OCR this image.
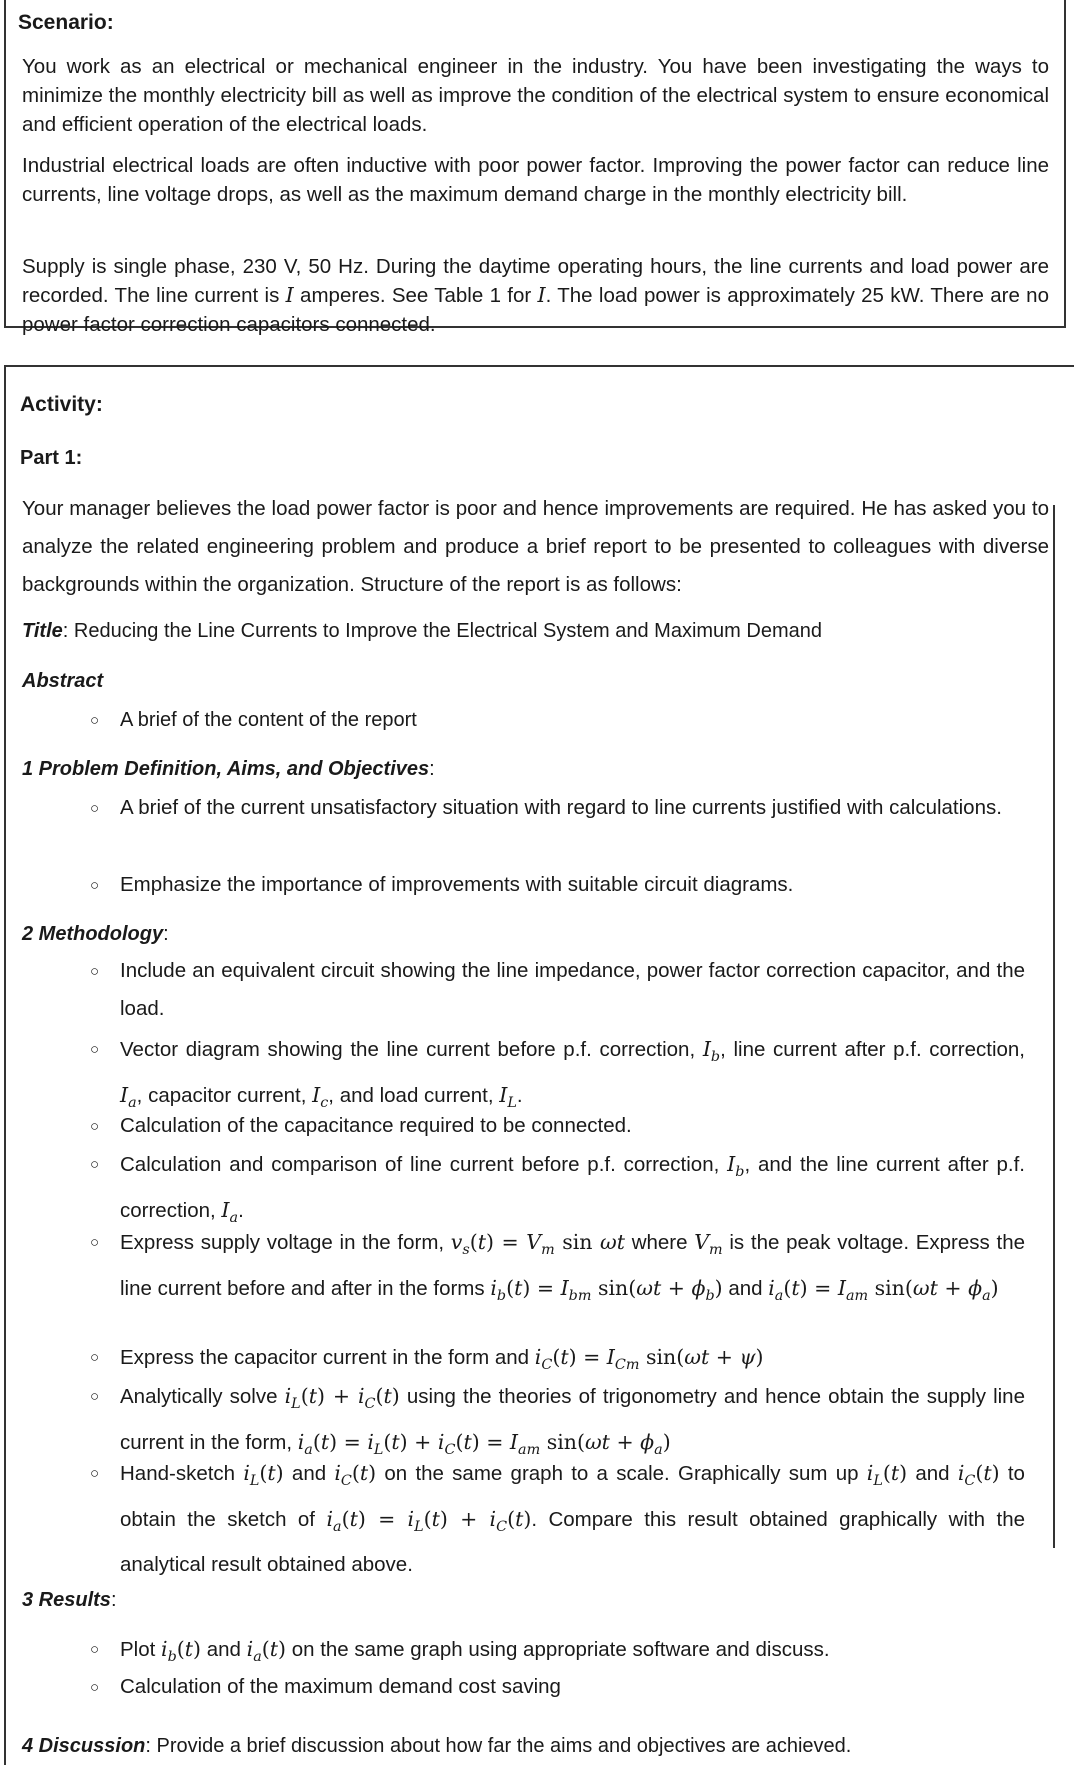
Scenario:
You work as an electrical or mechanical engineer in the industry. You have been investigating the ways to minimize the monthly electricity bill as well as improve the condition of the electrical system to ensure economical and efficient operation of the electrical loads.
Industrial electrical loads are often inductive with poor power factor. Improving the power factor can reduce line currents, line voltage drops, as well as the maximum demand charge in the monthly electricity bill.
Supply is single phase, 230 V, 50 Hz. During the daytime operating hours, the line currents and load power are recorded. The line current is I amperes. See Table 1 for I. The load power is approximately 25 kW. There are no power factor correction capacitors connected.
Activity:
Part 1:
Your manager believes the load power factor is poor and hence improvements are required. He has asked you to analyze the related engineering problem and produce a brief report to be presented to colleagues with diverse backgrounds within the organization. Structure of the report is as follows:
Title: Reducing the Line Currents to Improve the Electrical System and Maximum Demand
Abstract
○ A brief of the content of the report
1 Problem Definition, Aims, and Objectives:
○ A brief of the current unsatisfactory situation with regard to line currents justified with calculations.
○ Emphasize the importance of improvements with suitable circuit diagrams.
2 Methodology:
○ Include an equivalent circuit showing the line impedance, power factor correction capacitor, and the load.
○ Vector diagram showing the line current before p.f. correction, $I_b$, line current after p.f. correction, $I_a$, capacitor current, $I_c$, and load current, $I_L$.
○ Calculation of the capacitance required to be connected.
○ Calculation and comparison of line current before p.f. correction, $I_b$, and the line current after p.f. correction, $I_a$.
○ Express supply voltage in the form, $v_s(t) = V_m$ sin ωt where $V_m$ is the peak voltage. Express the line current before and after in the forms $i_b(t) = I_{bm}$ $\sin(\omega t + \phi_b)$ and $i_a(t) = I_{am}$ $\sin(\omega t + \phi_a)$
○ Express the capacitor current in the form and $i_C(t) = I_{Cm}$ sin(ωt + ψ)
○ Analytically solve $i_L(t) + i_C(t)$ using the theories of trigonometry and hence obtain the supply line current in the form, $i_a(t) = i_L(t) + i_C(t) = I_{am}$ $\sin(\omega t + \phi_a)$
○ Hand-sketch $i_L(t)$ and $i_C(t)$ on the same graph to a scale. Graphically sum up $i_L(t)$ and $i_C(t)$ to obtain the sketch of $i_a(t) = i_L(t) + i_C(t)$. Compare this result obtained graphically with the analytical result obtained above.
3 Results:
○ Plot $i_b(t)$ and $i_a(t)$ on the same graph using appropriate software and discuss.
○ Calculation of the maximum demand cost saving
4 Discussion: Provide a brief discussion about how far the aims and objectives are achieved.
